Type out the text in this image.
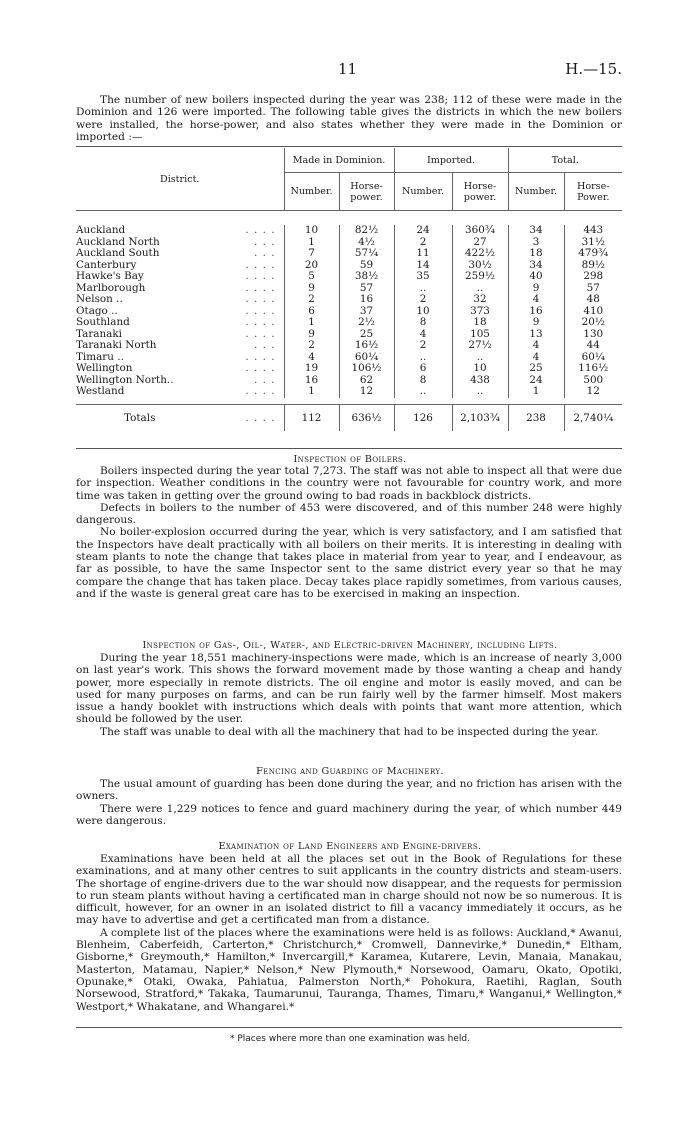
11	H.—15.

The number of new boilers inspected during the year was 238; 112 of these were made in the Dominion and 126 were imported. The following table gives the districts in which the new boilers were installed, the horse-power, and also states whether they were made in the Dominion or imported :—

District.	Made in Dominion.		Imported.		Total.	
	Number.	Horse-power.	Number.	Horse-power.	Number.	Horse-Power.

Auckland . . . .	10	82½	24	360¾	34	443
Auckland North . . .	1	4½	2	27	3	31½
Auckland South . . .	7	57¼	11	422½	18	479¾
Canterbury . . . .	20	59	14	30½	34	89½
Hawke's Bay . . . .	5	38½	35	259½	40	298
Marlborough . . . .	9	57	..	..	9	57
Nelson .. . . . .	2	16	2	32	4	48
Otago .. . . . .	6	37	10	373	16	410
Southland . . . .	1	2½	8	18	9	20½
Taranaki . . . .	9	25	4	105	13	130
Taranaki North . . .	2	16½	2	27½	4	44
Timaru .. . . . .	4	60¼	..	..	4	60¼
Wellington . . . .	19	106½	6	10	25	116½
Wellington North.. . . .	16	62	8	438	24	500
Westland . . . .	1	12	..	..	1	12

Totals . . . .	112	636½	126	2,103¾	238	2,740¼
Inspection of Boilers.

Boilers inspected during the year total 7,273. The staff was not able to inspect all that were due for inspection. Weather conditions in the country were not favourable for country work, and more time was taken in getting over the ground owing to bad roads in backblock districts.

Defects in boilers to the number of 453 were discovered, and of this number 248 were highly dangerous.

No boiler-explosion occurred during the year, which is very satisfactory, and I am satisfied that the Inspectors have dealt practically with all boilers on their merits. It is interesting in dealing with steam plants to note the change that takes place in material from year to year, and I endeavour, as far as possible, to have the same Inspector sent to the same district every year so that he may compare the change that has taken place. Decay takes place rapidly sometimes, from various causes, and if the waste is general great care has to be exercised in making an inspection.

Inspection of Gas-, Oil-, Water-, and Electric-driven Machinery, including Lifts.

During the year 18,551 machinery-inspections were made, which is an increase of nearly 3,000 on last year's work. This shows the forward movement made by those wanting a cheap and handy power, more especially in remote districts. The oil engine and motor is easily moved, and can be used for many purposes on farms, and can be run fairly well by the farmer himself. Most makers issue a handy booklet with instructions which deals with points that want more attention, which should be followed by the user.

The staff was unable to deal with all the machinery that had to be inspected during the year.

Fencing and Guarding of Machinery.

The usual amount of guarding has been done during the year, and no friction has arisen with the owners.

There were 1,229 notices to fence and guard machinery during the year, of which number 449 were dangerous.

Examination of Land Engineers and Engine-drivers.

Examinations have been held at all the places set out in the Book of Regulations for these examinations, and at many other centres to suit applicants in the country districts and steam-users. The shortage of engine-drivers due to the war should now disappear, and the requests for permission to run steam plants without having a certificated man in charge should not now be so numerous. It is difficult, however, for an owner in an isolated district to fill a vacancy immediately it occurs, as he may have to advertise and get a certificated man from a distance.

A complete list of the places where the examinations were held is as follows: Auckland,* Awanui, Blenheim, Caberfeidh, Carterton,* Christchurch,* Cromwell, Dannevirke,* Dunedin,* Eltham, Gisborne,* Greymouth,* Hamilton,* Invercargill,* Karamea, Kutarere, Levin, Manaia, Manakau, Masterton, Matamau, Napier,* Nelson,* New Plymouth,* Norsewood, Oamaru, Okato, Opotiki, Opunake,* Otaki, Owaka, Pahiatua, Palmerston North,* Pohokura, Raetihi, Raglan, South Norsewood, Stratford,* Takaka, Taumarunui, Tauranga, Thames, Timaru,* Wanganui,* Wellington,* Westport,* Whakatane, and Whangarei.*

* Places where more than one examination was held.
